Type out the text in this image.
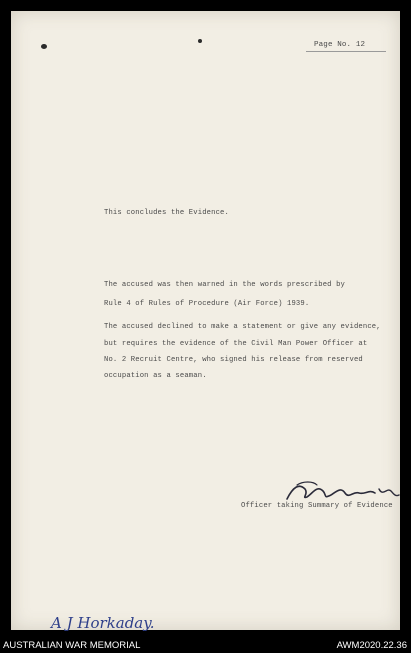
Page No. 12
This concludes the Evidence.
The accused was then warned in the words prescribed by
Rule 4 of Rules of Procedure (Air Force) 1939.
The accused declined to make a statement or give any evidence,
but requires the evidence of the Civil Man Power Officer at
No. 2 Recruit Centre, who signed his release from reserved
occupation as a seaman.
Officer taking Summary of Evidence
A J Horkaday.
AUSTRALIAN WAR MEMORIAL	AWM2020.22.36
